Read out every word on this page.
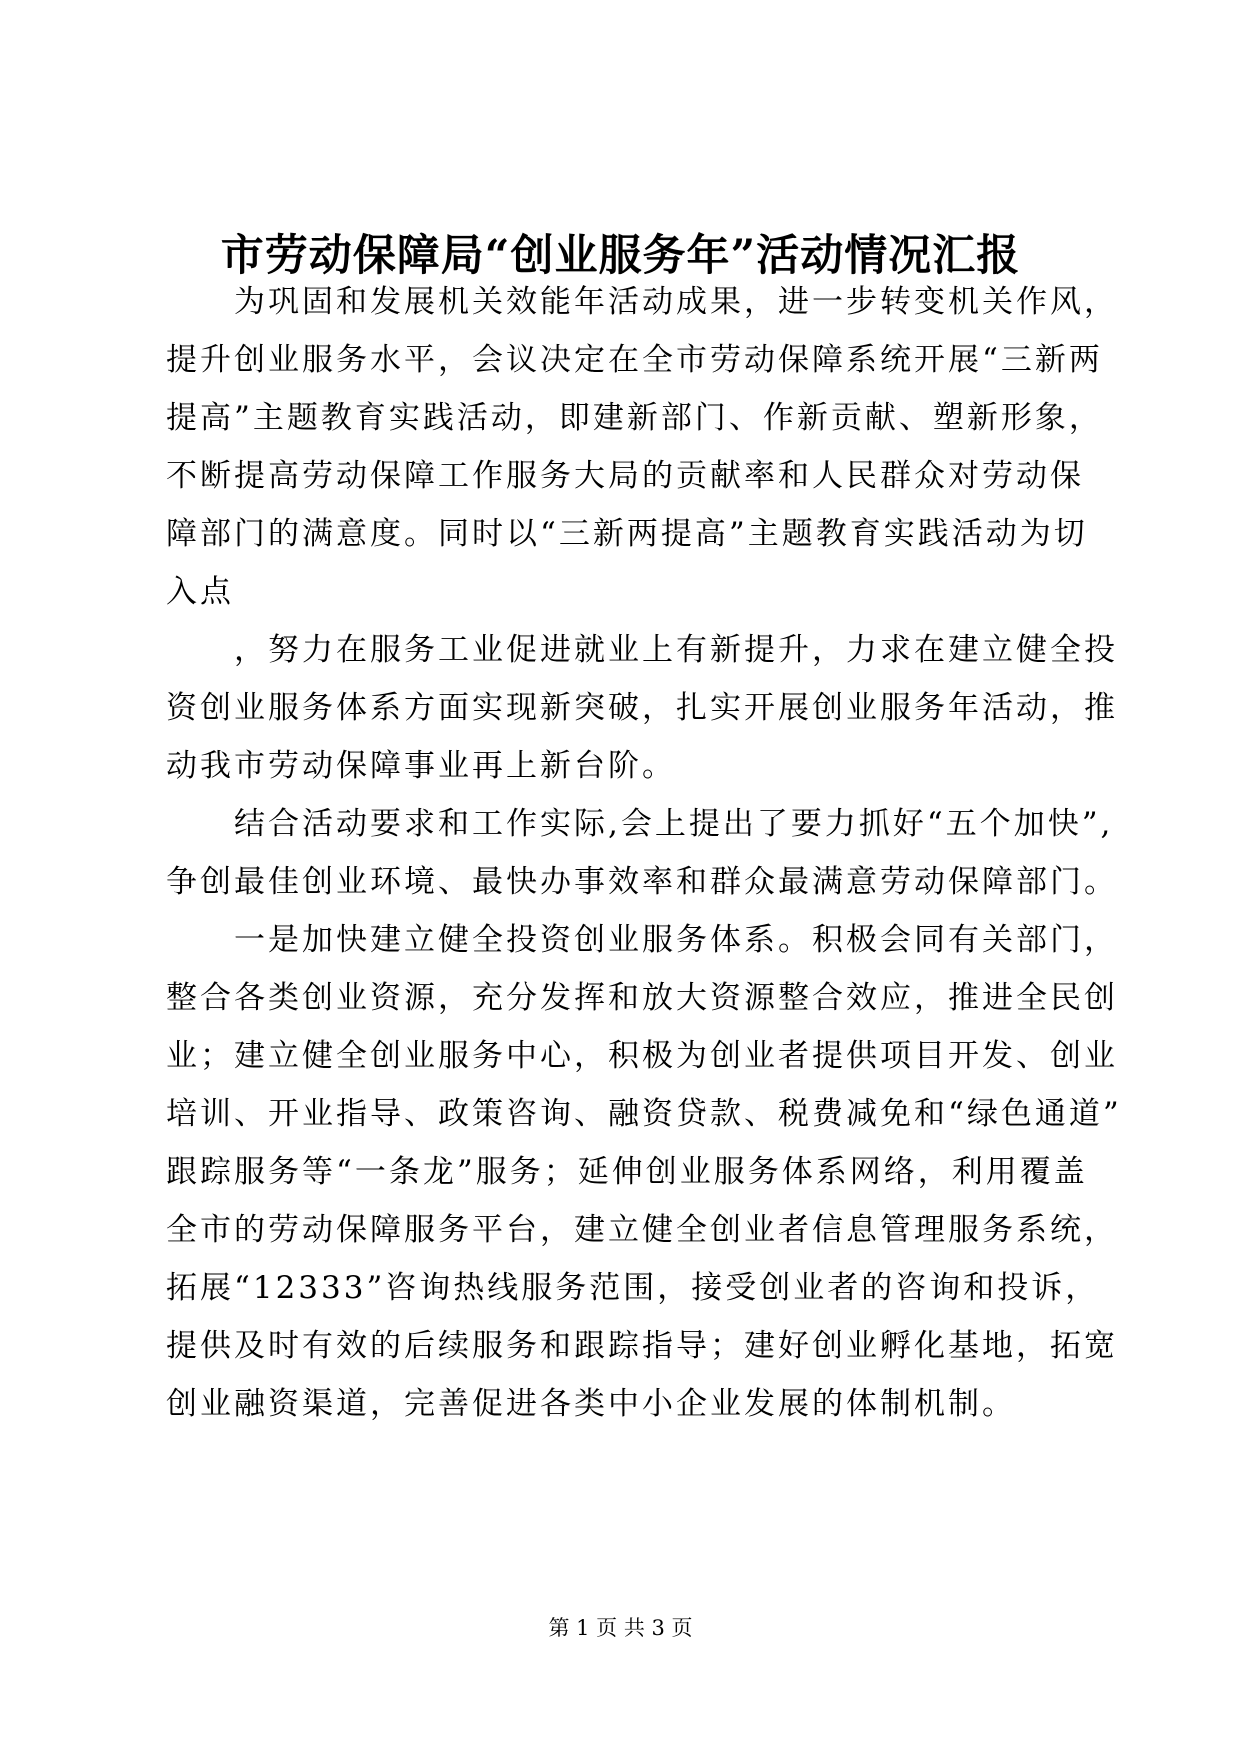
市劳动保障局“创业服务年”活动情况汇报
　　为巩固和发展机关效能年活动成果，进一步转变机关作风，
提升创业服务水平，会议决定在全市劳动保障系统开展“三新两
提高”主题教育实践活动，即建新部门、作新贡献、塑新形象，
不断提高劳动保障工作服务大局的贡献率和人民群众对劳动保
障部门的满意度。同时以“三新两提高”主题教育实践活动为切
入点
　　，努力在服务工业促进就业上有新提升，力求在建立健全投
资创业服务体系方面实现新突破，扎实开展创业服务年活动，推
动我市劳动保障事业再上新台阶。
　　结合活动要求和工作实际,会上提出了要力抓好“五个加快”,
争创最佳创业环境、最快办事效率和群众最满意劳动保障部门。
　　一是加快建立健全投资创业服务体系。积极会同有关部门，
整合各类创业资源，充分发挥和放大资源整合效应，推进全民创
业；建立健全创业服务中心，积极为创业者提供项目开发、创业
培训、开业指导、政策咨询、融资贷款、税费减免和“绿色通道”
跟踪服务等“一条龙”服务；延伸创业服务体系网络，利用覆盖
全市的劳动保障服务平台，建立健全创业者信息管理服务系统，
拓展“12333”咨询热线服务范围，接受创业者的咨询和投诉，
提供及时有效的后续服务和跟踪指导；建好创业孵化基地，拓宽
创业融资渠道，完善促进各类中小企业发展的体制机制。
第 1 页 共 3 页
